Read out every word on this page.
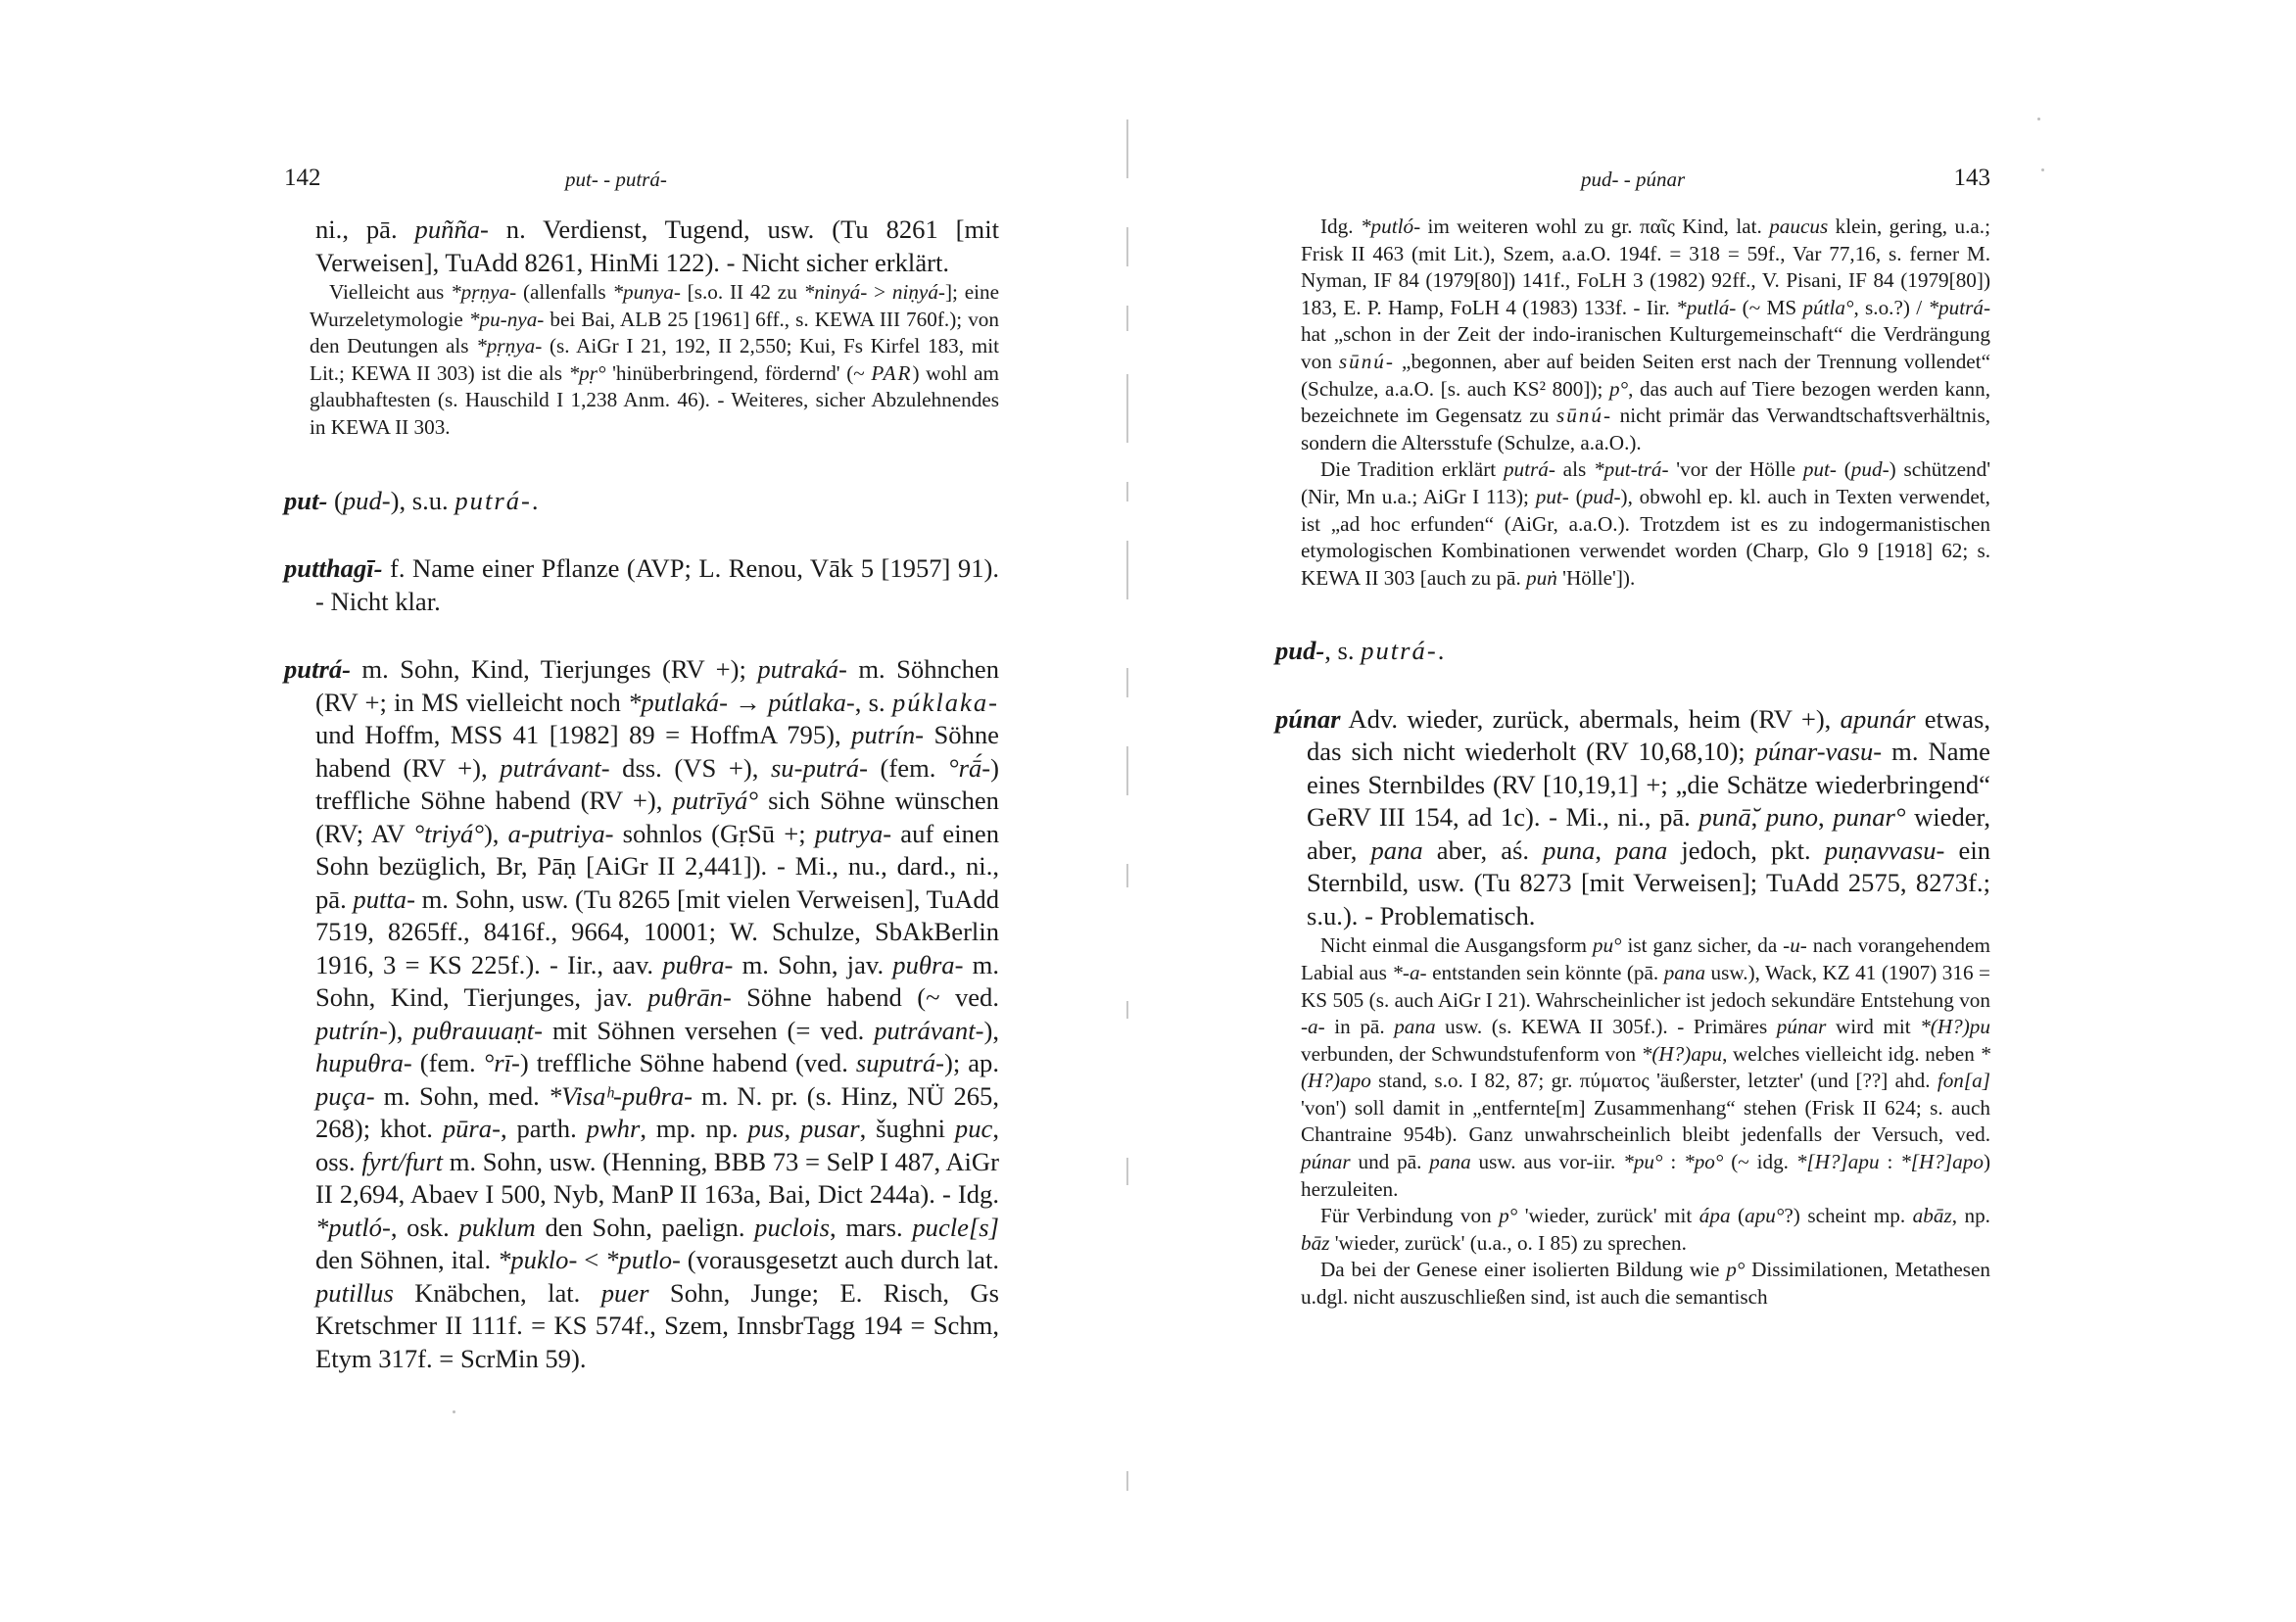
142	put- - putrá-

ni., pā. puñña- n. Verdienst, Tugend, usw. (Tu 8261 [mit Verweisen], TuAdd 8261, HinMi 122). - Nicht sicher erklärt.

Vielleicht aus *pṛṇya- (allenfalls *punya- [s.o. II 42 zu *ninyá- > niṇyá-]; eine Wurzeletymologie *pu-nya- bei Bai, ALB 25 [1961] 6ff., s. KEWA III 760f.); von den Deutungen als *pṛṇya- (s. AiGr I 21, 192, II 2,550; Kui, Fs Kirfel 183, mit Lit.; KEWA II 303) ist die als *pṛ° 'hinüberbringend, fördernd' (~ PAR) wohl am glaubhaftesten (s. Hauschild I 1,238 Anm. 46). - Weiteres, sicher Abzulehnendes in KEWA II 303.

put- (pud-), s.u. putrá-.

putthagī- f. Name einer Pflanze (AVP; L. Renou, Vāk 5 [1957] 91). - Nicht klar.

putrá- m. Sohn, Kind, Tierjunges (RV +); putraká- m. Söhnchen (RV +; in MS vielleicht noch *putlaká- → pútlaka-, s. púklaka- und Hoffm, MSS 41 [1982] 89 = HoffmA 795), putrín- Söhne habend (RV +), putrávant- dss. (VS +), su-putrá- (fem. °rā́-) treffliche Söhne habend (RV +), putrīyá° sich Söhne wünschen (RV; AV °triyá°), a-putriya- sohnlos (GṛSū +; putrya- auf einen Sohn bezüglich, Br, Pāṇ [AiGr II 2,441]). - Mi., nu., dard., ni., pā. putta- m. Sohn, usw. (Tu 8265 [mit vielen Verweisen], TuAdd 7519, 8265ff., 8416f., 9664, 10001; W. Schulze, SbAkBerlin 1916, 3 = KS 225f.). - Iir., aav. puθra- m. Sohn, jav. puθra- m. Sohn, Kind, Tierjunges, jav. puθrān- Söhne habend (~ ved. putrín-), puθrauuaṇt- mit Söhnen versehen (= ved. putrávant-), hupuθra- (fem. °rī-) treffliche Söhne habend (ved. suputrá-); ap. puça- m. Sohn, med. *Visaʰ-puθra- m. N. pr. (s. Hinz, NÜ 265, 268); khot. pūra-, parth. pwhr, mp. np. pus, pusar, šughni puc, oss. fyrt/furt m. Sohn, usw. (Henning, BBB 73 = SelP I 487, AiGr II 2,694, Abaev I 500, Nyb, ManP II 163a, Bai, Dict 244a). - Idg. *putló-, osk. puklum den Sohn, paelign. puclois, mars. pucle[s] den Söhnen, ital. *puklo- < *putlo- (vorausgesetzt auch durch lat. putillus Knäbchen, lat. puer Sohn, Junge; E. Risch, Gs Kretschmer II 111f. = KS 574f., Szem, InnsbrTagg 194 = Schm, Etym 317f. = ScrMin 59).

pud- - púnar	143

Idg. *putló- im weiteren wohl zu gr. παῖς Kind, lat. paucus klein, gering, u.a.; Frisk II 463 (mit Lit.), Szem, a.a.O. 194f. = 318 = 59f., Var 77,16, s. ferner M. Nyman, IF 84 (1979[80]) 141f., FoLH 3 (1982) 92ff., V. Pisani, IF 84 (1979[80]) 183, E. P. Hamp, FoLH 4 (1983) 133f. - Iir. *putlá- (~ MS pútla°, s.o.?) / *putrá- hat „schon in der Zeit der indo-iranischen Kulturgemeinschaft“ die Verdrängung von sūnú- „begonnen, aber auf beiden Seiten erst nach der Trennung vollendet“ (Schulze, a.a.O. [s. auch KS² 800]); p°, das auch auf Tiere bezogen werden kann, bezeichnete im Gegensatz zu sūnú- nicht primär das Verwandtschaftsverhältnis, sondern die Altersstufe (Schulze, a.a.O.).

Die Tradition erklärt putrá- als *put-trá- 'vor der Hölle put- (pud-) schützend' (Nir, Mn u.a.; AiGr I 113); put- (pud-), obwohl ep. kl. auch in Texten verwendet, ist „ad hoc erfunden“ (AiGr, a.a.O.). Trotzdem ist es zu indogermanistischen etymologischen Kombinationen verwendet worden (Charp, Glo 9 [1918] 62; s. KEWA II 303 [auch zu pā. puṅ 'Hölle']).

pud-, s. putrá-.

púnar Adv. wieder, zurück, abermals, heim (RV +), apunár etwas, das sich nicht wiederholt (RV 10,68,10); púnar-vasu- m. Name eines Sternbildes (RV [10,19,1] +; „die Schätze wiederbringend“ GeRV III 154, ad 1c). - Mi., ni., pā. punā̆, puno, punar° wieder, aber, pana aber, aś. puna, pana jedoch, pkt. puṇavvasu- ein Sternbild, usw. (Tu 8273 [mit Verweisen]; TuAdd 2575, 8273f.; s.u.). - Problematisch.

Nicht einmal die Ausgangsform pu° ist ganz sicher, da -u- nach vorangehendem Labial aus *-a- entstanden sein könnte (pā. pana usw.), Wack, KZ 41 (1907) 316 = KS 505 (s. auch AiGr I 21). Wahrscheinlicher ist jedoch sekundäre Entstehung von -a- in pā. pana usw. (s. KEWA II 305f.). - Primäres púnar wird mit *(H?)pu verbunden, der Schwundstufenform von *(H?)apu, welches vielleicht idg. neben *(H?)apo stand, s.o. I 82, 87; gr. πύματος 'äußerster, letzter' (und [??] ahd. fon[a] 'von') soll damit in „entfernte[m] Zusammenhang“ stehen (Frisk II 624; s. auch Chantraine 954b). Ganz unwahrscheinlich bleibt jedenfalls der Versuch, ved. púnar und pā. pana usw. aus vor-iir. *pu° : *po° (~ idg. *[H?]apu : *[H?]apo) herzuleiten.

Für Verbindung von p° 'wieder, zurück' mit ápa (apu°?) scheint mp. abāz, np. bāz 'wieder, zurück' (u.a., o. I 85) zu sprechen.

Da bei der Genese einer isolierten Bildung wie p° Dissimilationen, Metathesen u.dgl. nicht auszuschließen sind, ist auch die semantisch
